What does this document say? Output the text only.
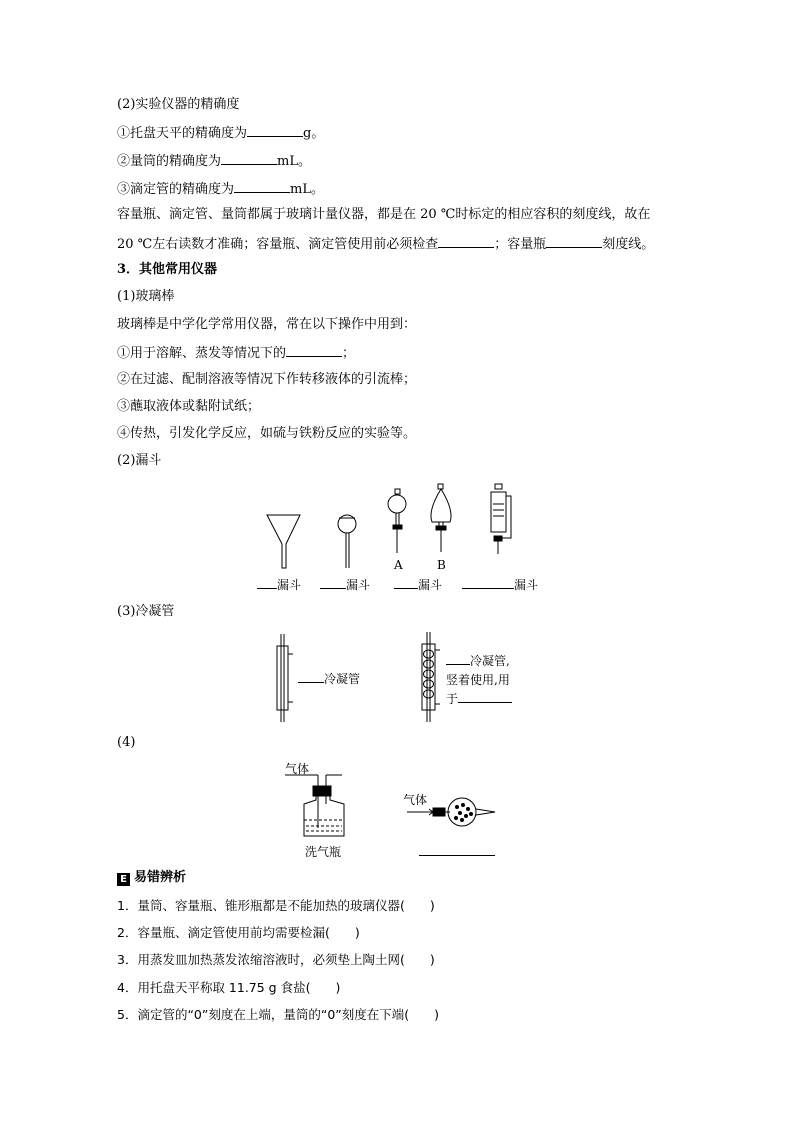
(2)实验仪器的精确度
①托盘天平的精确度为	g。
②量筒的精确度为	mL。
③滴定管的精确度为	mL。
容量瓶、滴定管、量筒都属于玻璃计量仪器，都是在 20 ℃时标定的相应容积的刻度线，故在
20 ℃左右读数才准确；容量瓶、滴定管使用前必须检查	；容量瓶	刻度线。
3．其他常用仪器
(1)玻璃棒
玻璃棒是中学化学常用仪器，常在以下操作中用到：
①用于溶解、蒸发等情况下的	；
②在过滤、配制溶液等情况下作转移液体的引流棒；
③蘸取液体或黏附试纸；
④传热，引发化学反应，如硫与铁粉反应的实验等。
(2)漏斗
A	B
漏斗	漏斗	漏斗	漏斗
(3)冷凝管
冷凝管
冷凝管,
竖着使用,用
于
(4)
气体
洗气瓶
气体
E 易错辨析
1．量筒、容量瓶、锥形瓶都是不能加热的玻璃仪器(　　)
2．容量瓶、滴定管使用前均需要检漏(　　)
3．用蒸发皿加热蒸发浓缩溶液时，必须垫上陶土网(　　)
4．用托盘天平称取 11.75 g 食盐(　　)
5．滴定管的“0”刻度在上端，量筒的“0”刻度在下端(　　)
